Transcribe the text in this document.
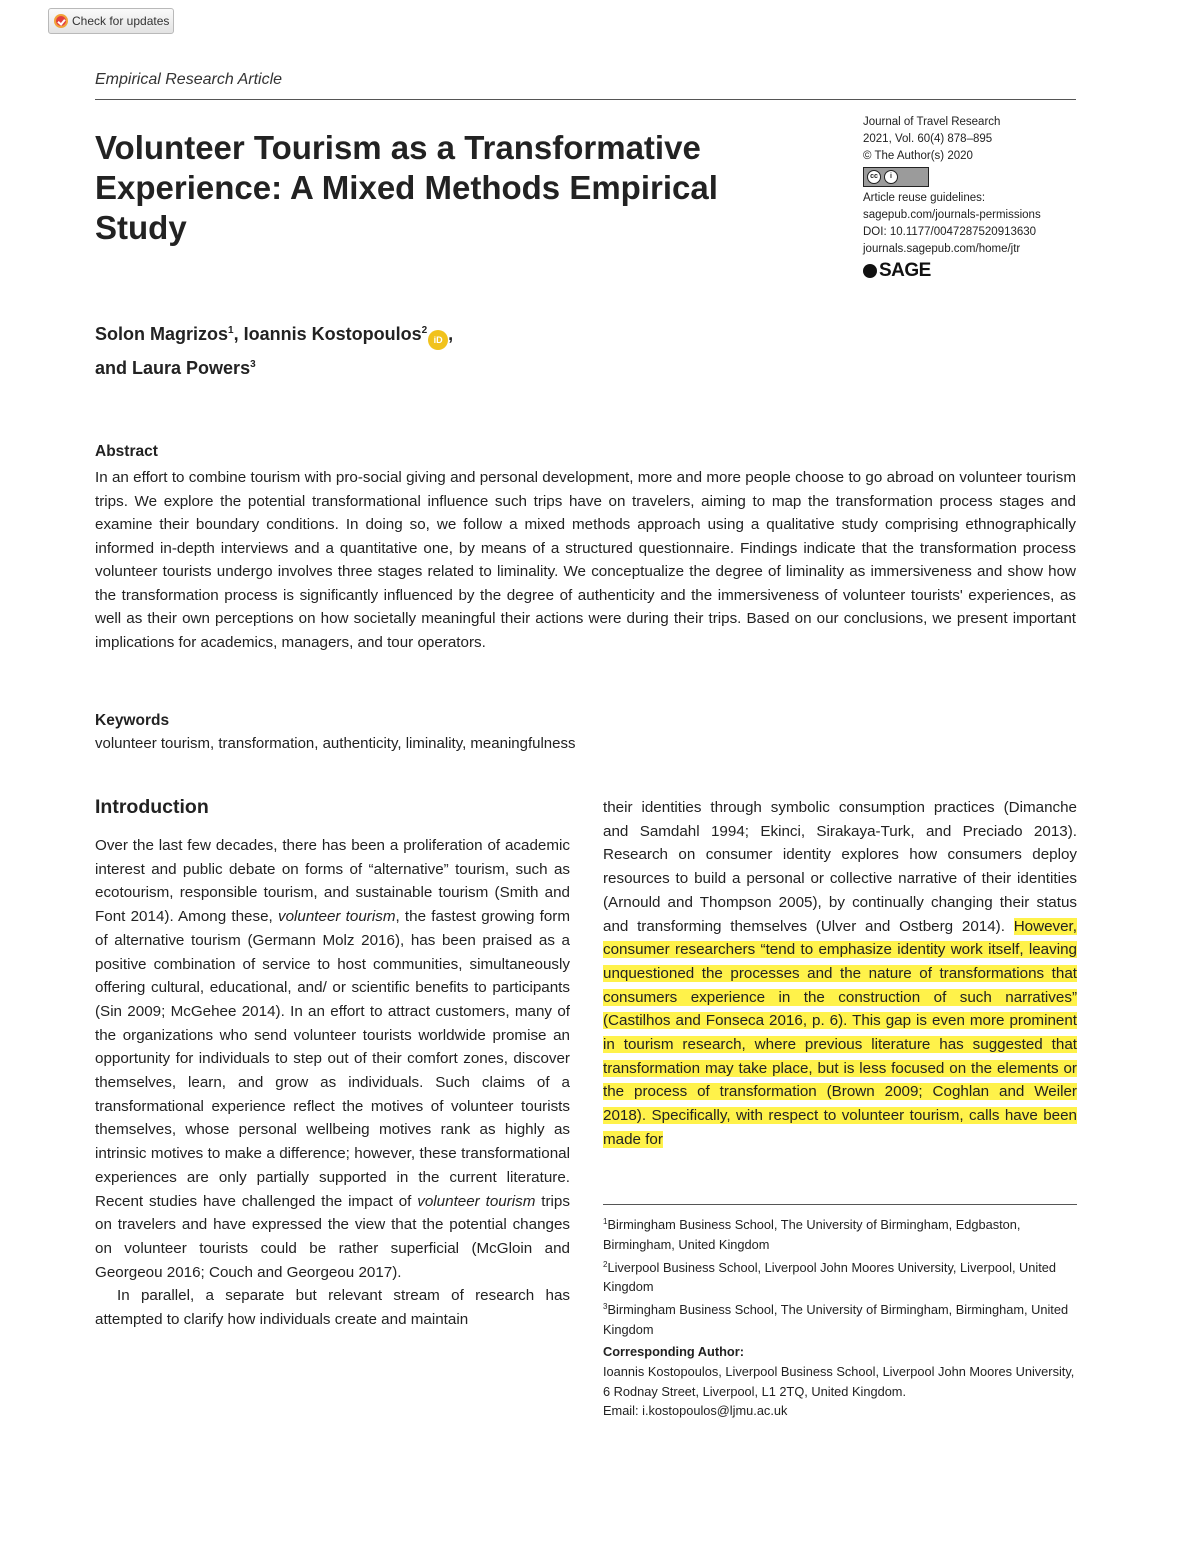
Check for updates
Empirical Research Article
Volunteer Tourism as a Transformative Experience: A Mixed Methods Empirical Study
Journal of Travel Research
2021, Vol. 60(4) 878–895
© The Author(s) 2020
cc	i
Article reuse guidelines:
sagepub.com/journals-permissions
DOI: 10.1177/0047287520913630
journals.sagepub.com/home/jtr
SAGE
Solon Magrizos$^1$, Ioannis Kostopoulos$^2$iD ,
and Laura Powers$^3$
Abstract

In an effort to combine tourism with pro-social giving and personal development, more and more people choose to go abroad on volunteer tourism trips. We explore the potential transformational influence such trips have on travelers, aiming to map the transformation process stages and examine their boundary conditions. In doing so, we follow a mixed methods approach using a qualitative study comprising ethnographically informed in-depth interviews and a quantitative one, by means of a structured questionnaire. Findings indicate that the transformation process volunteer tourists undergo involves three stages related to liminality. We conceptualize the degree of liminality as immersiveness and show how the transformation process is significantly influenced by the degree of authenticity and the immersiveness of volunteer tourists' experiences, as well as their own perceptions on how societally meaningful their actions were during their trips. Based on our conclusions, we present important implications for academics, managers, and tour operators.

Keywords
volunteer tourism, transformation, authenticity, liminality, meaningfulness
Introduction

Over the last few decades, there has been a proliferation of academic interest and public debate on forms of “alternative” tourism, such as ecotourism, responsible tourism, and sustainable tourism (Smith and Font 2014). Among these, volunteer tourism, the fastest growing form of alternative tourism (Germann Molz 2016), has been praised as a positive combination of service to host communities, simultaneously offering cultural, educational, and/ or scientific benefits to participants (Sin 2009; McGehee 2014). In an effort to attract customers, many of the organizations who send volunteer tourists worldwide promise an opportunity for individuals to step out of their comfort zones, discover themselves, learn, and grow as individuals. Such claims of a transformational experience reflect the motives of volunteer tourists themselves, whose personal wellbeing motives rank as highly as intrinsic motives to make a difference; however, these transformational experiences are only partially supported in the current literature. Recent studies have challenged the impact of volunteer tourism trips on travelers and have expressed the view that the potential changes on volunteer tourists could be rather superficial (McGloin and Georgeou 2016; Couch and Georgeou 2017).

In parallel, a separate but relevant stream of research has attempted to clarify how individuals create and maintain

their identities through symbolic consumption practices (Dimanche and Samdahl 1994; Ekinci, Sirakaya-Turk, and Preciado 2013). Research on consumer identity explores how consumers deploy resources to build a personal or collective narrative of their identities (Arnould and Thompson 2005), by continually changing their status and transforming themselves (Ulver and Ostberg 2014). However, consumer researchers “tend to emphasize identity work itself, leaving unquestioned the processes and the nature of transformations that consumers experience in the construction of such narratives” (Castilhos and Fonseca 2016, p. 6). This gap is even more prominent in tourism research, where previous literature has suggested that transformation may take place, but is less focused on the elements or the process of transformation (Brown 2009; Coghlan and Weiler 2018). Specifically, with respect to volunteer tourism, calls have been made for

$^1$Birmingham Business School, The University of Birmingham, Edgbaston, Birmingham, United Kingdom
$^2$Liverpool Business School, Liverpool John Moores University, Liverpool, United Kingdom
$^3$Birmingham Business School, The University of Birmingham, Birmingham, United Kingdom
Corresponding Author:
Ioannis Kostopoulos, Liverpool Business School, Liverpool John Moores University, 6 Rodnay Street, Liverpool, L1 2TQ, United Kingdom.
Email: i.kostopoulos@ljmu.ac.uk
